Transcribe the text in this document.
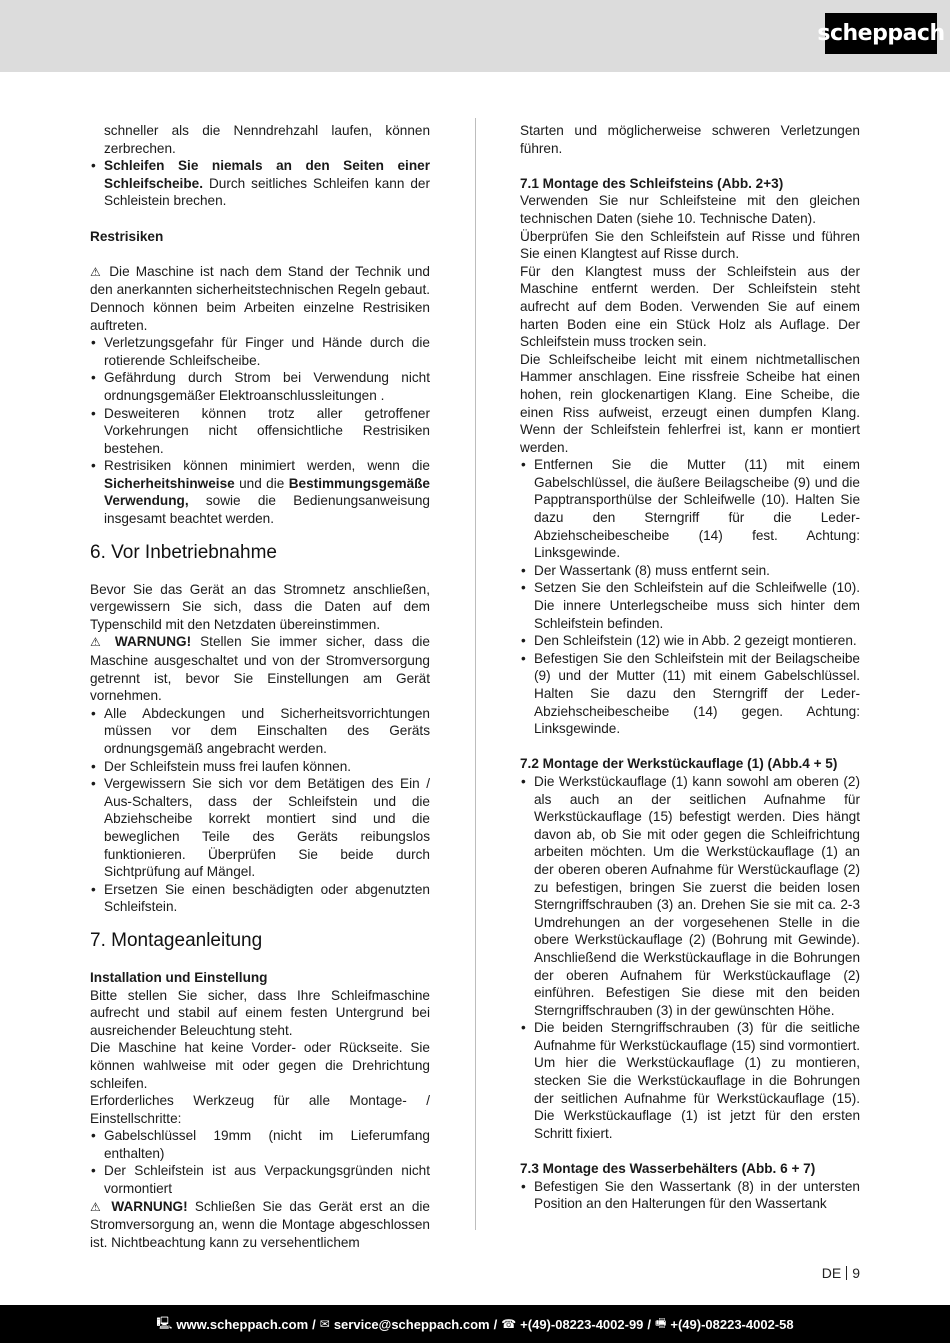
scheppach
schneller als die Nenndrehzahl laufen, können zerbrechen.
• Schleifen Sie niemals an den Seiten einer Schleifscheibe. Durch seitliches Schleifen kann der Schleistein brechen.
Restrisiken
⚠ Die Maschine ist nach dem Stand der Technik und den anerkannten sicherheitstechnischen Regeln gebaut. Dennoch können beim Arbeiten einzelne Restrisiken auftreten.
• Verletzungsgefahr für Finger und Hände durch die rotierende Schleifscheibe.
• Gefährdung durch Strom bei Verwendung nicht ordnungsgemäßer Elektroanschlussleitungen .
• Desweiteren können trotz aller getroffener Vorkehrungen nicht offensichtliche Restrisiken bestehen.
• Restrisiken können minimiert werden, wenn die Sicherheitshinweise und die Bestimmungsgemäße Verwendung, sowie die Bedienungsanweisung insgesamt beachtet werden.
6. Vor Inbetriebnahme
Bevor Sie das Gerät an das Stromnetz anschließen, vergewissern Sie sich, dass die Daten auf dem Typenschild mit den Netzdaten übereinstimmen.
⚠ WARNUNG! Stellen Sie immer sicher, dass die Maschine ausgeschaltet und von der Stromversorgung getrennt ist, bevor Sie Einstellungen am Gerät vornehmen.
• Alle Abdeckungen und Sicherheitsvorrichtungen müssen vor dem Einschalten des Geräts ordnungsgemäß angebracht werden.
• Der Schleifstein muss frei laufen können.
• Vergewissern Sie sich vor dem Betätigen des Ein / Aus-Schalters, dass der Schleifstein und die Abziehscheibe korrekt montiert sind und die beweglichen Teile des Geräts reibungslos funktionieren. Überprüfen Sie beide durch Sichtprüfung auf Mängel.
• Ersetzen Sie einen beschädigten oder abgenutzten Schleifstein.
7. Montageanleitung
Installation und Einstellung
Bitte stellen Sie sicher, dass Ihre Schleifmaschine aufrecht und stabil auf einem festen Untergrund bei ausreichender Beleuchtung steht.
Die Maschine hat keine Vorder- oder Rückseite. Sie können wahlweise mit oder gegen die Drehrichtung schleifen.
Erforderliches Werkzeug für alle Montage- / Einstellschritte:
• Gabelschlüssel 19mm (nicht im Lieferumfang enthalten)
• Der Schleifstein ist aus Verpackungsgründen nicht vormontiert
⚠ WARNUNG! Schließen Sie das Gerät erst an die Stromversorgung an, wenn die Montage abgeschlossen ist. Nichtbeachtung kann zu versehentlichem
Starten und möglicherweise schweren Verletzungen führen.
7.1 Montage des Schleifsteins (Abb. 2+3)
Verwenden Sie nur Schleifsteine mit den gleichen technischen Daten (siehe 10. Technische Daten).
Überprüfen Sie den Schleifstein auf Risse und führen Sie einen Klangtest auf Risse durch.
Für den Klangtest muss der Schleifstein aus der Maschine entfernt werden. Der Schleifstein steht aufrecht auf dem Boden. Verwenden Sie auf einem harten Boden eine ein Stück Holz als Auflage. Der Schleifstein muss trocken sein.
Die Schleifscheibe leicht mit einem nichtmetallischen Hammer anschlagen. Eine rissfreie Scheibe hat einen hohen, rein glockenartigen Klang. Eine Scheibe, die einen Riss aufweist, erzeugt einen dumpfen Klang. Wenn der Schleifstein fehlerfrei ist, kann er montiert werden.
• Entfernen Sie die Mutter (11) mit einem Gabelschlüssel, die äußere Beilagscheibe (9) und die Papptransporthülse der Schleifwelle (10). Halten Sie dazu den Sterngriff für die Leder-Abziehscheibescheibe (14) fest. Achtung: Linksgewinde.
• Der Wassertank (8) muss entfernt sein.
• Setzen Sie den Schleifstein auf die Schleifwelle (10). Die innere Unterlegscheibe muss sich hinter dem Schleifstein befinden.
• Den Schleifstein (12) wie in Abb. 2 gezeigt montieren.
• Befestigen Sie den Schleifstein mit der Beilagscheibe (9) und der Mutter (11) mit einem Gabelschlüssel. Halten Sie dazu den Sterngriff der Leder-Abziehscheibescheibe (14) gegen. Achtung: Linksgewinde.
7.2 Montage der Werkstückauflage (1) (Abb.4 + 5)
• Die Werkstückauflage (1) kann sowohl am oberen (2) als auch an der seitlichen Aufnahme für Werkstückauflage (15) befestigt werden. Dies hängt davon ab, ob Sie mit oder gegen die Schleifrichtung arbeiten möchten. Um die Werkstückauflage (1) an der oberen oberen Aufnahme für Werstückauflage (2) zu befestigen, bringen Sie zuerst die beiden losen Sterngriffschrauben (3) an. Drehen Sie sie mit ca. 2-3 Umdrehungen an der vorgesehenen Stelle in die obere Werkstückauflage (2) (Bohrung mit Gewinde). Anschließend die Werkstückauflage in die Bohrungen der oberen Aufnahem für Werkstückauflage (2) einführen. Befestigen Sie diese mit den beiden Sterngriffschrauben (3) in der gewünschten Höhe.
• Die beiden Sterngriffschrauben (3) für die seitliche Aufnahme für Werkstückauflage (15) sind vormontiert. Um hier die Werkstückauflage (1) zu montieren, stecken Sie die Werkstückauflage in die Bohrungen der seitlichen Aufnahme für Werkstückauflage (15). Die Werkstückauflage (1) ist jetzt für den ersten Schritt fixiert.
7.3 Montage des Wasserbehälters (Abb. 6 + 7)
• Befestigen Sie den Wassertank (8) in der untersten Position an den Halterungen für den Wassertank
DE 9
🖳 www.scheppach.com / ✉ service@scheppach.com / ☎ +(49)-08223-4002-99 / 🖷 +(49)-08223-4002-58
